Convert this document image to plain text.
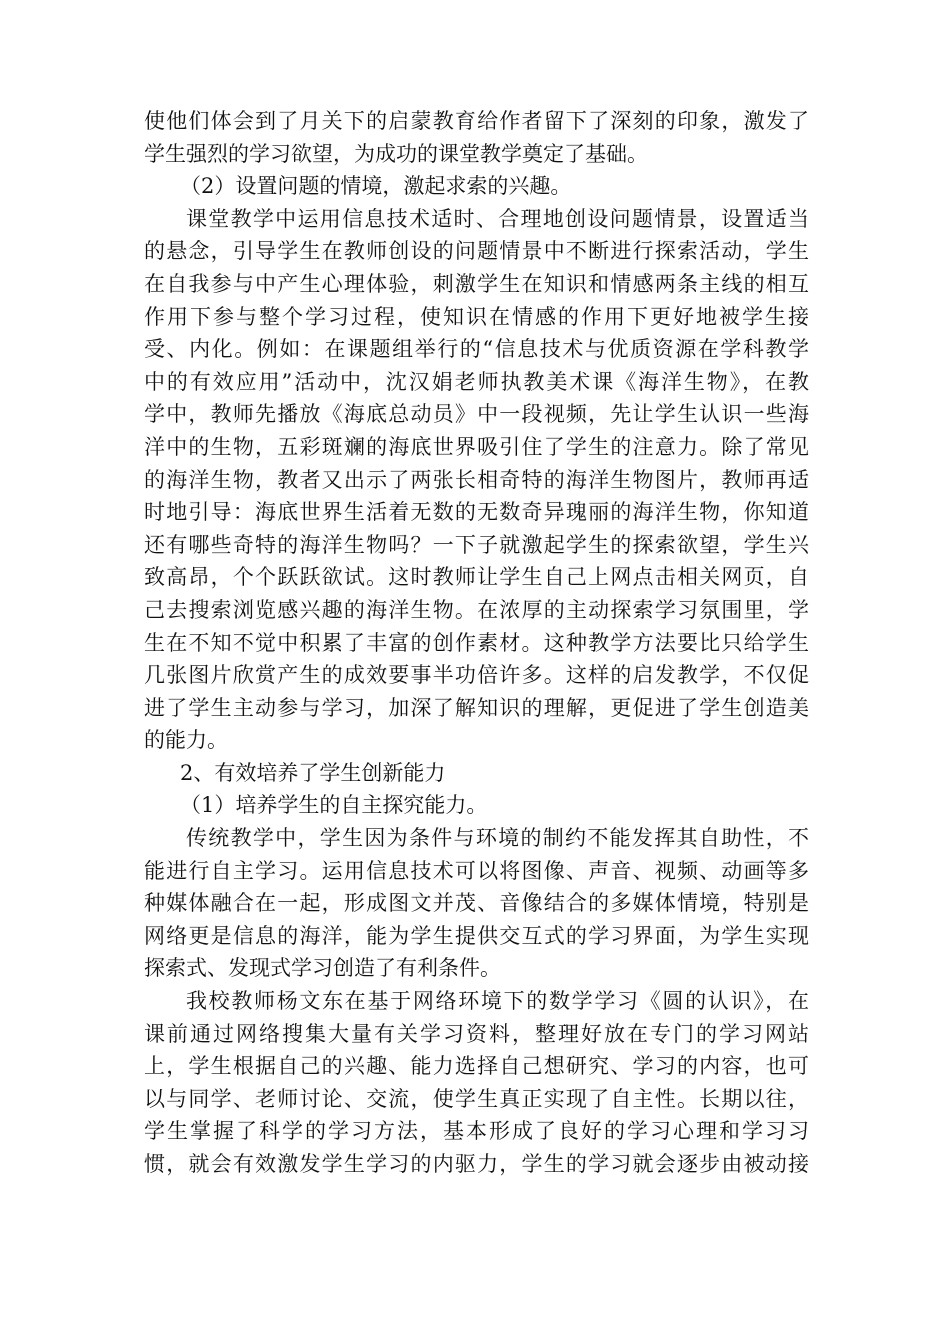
使他们体会到了月关下的启蒙教育给作者留下了深刻的印象，激发了
学生强烈的学习欲望，为成功的课堂教学奠定了基础。
（2）设置问题的情境，激起求索的兴趣。
课堂教学中运用信息技术适时、合理地创设问题情景，设置适当
的悬念，引导学生在教师创设的问题情景中不断进行探索活动，学生
在自我参与中产生心理体验，刺激学生在知识和情感两条主线的相互
作用下参与整个学习过程，使知识在情感的作用下更好地被学生接
受、内化。例如：在课题组举行的“信息技术与优质资源在学科教学
中的有效应用”活动中，沈汉娟老师执教美术课《海洋生物》，在教
学中，教师先播放《海底总动员》中一段视频，先让学生认识一些海
洋中的生物，五彩斑斓的海底世界吸引住了学生的注意力。除了常见
的海洋生物，教者又出示了两张长相奇特的海洋生物图片，教师再适
时地引导：海底世界生活着无数的无数奇异瑰丽的海洋生物，你知道
还有哪些奇特的海洋生物吗？一下子就激起学生的探索欲望，学生兴
致高昂，个个跃跃欲试。这时教师让学生自己上网点击相关网页，自
己去搜索浏览感兴趣的海洋生物。在浓厚的主动探索学习氛围里，学
生在不知不觉中积累了丰富的创作素材。这种教学方法要比只给学生
几张图片欣赏产生的成效要事半功倍许多。这样的启发教学，不仅促
进了学生主动参与学习，加深了解知识的理解，更促进了学生创造美
的能力。
2、有效培养了学生创新能力
（1）培养学生的自主探究能力。
传统教学中，学生因为条件与环境的制约不能发挥其自助性，不
能进行自主学习。运用信息技术可以将图像、声音、视频、动画等多
种媒体融合在一起，形成图文并茂、音像结合的多媒体情境，特别是
网络更是信息的海洋，能为学生提供交互式的学习界面，为学生实现
探索式、发现式学习创造了有利条件。
我校教师杨文东在基于网络环境下的数学学习《圆的认识》，在
课前通过网络搜集大量有关学习资料，整理好放在专门的学习网站
上，学生根据自己的兴趣、能力选择自己想研究、学习的内容，也可
以与同学、老师讨论、交流，使学生真正实现了自主性。长期以往，
学生掌握了科学的学习方法，基本形成了良好的学习心理和学习习
惯，就会有效激发学生学习的内驱力，学生的学习就会逐步由被动接
